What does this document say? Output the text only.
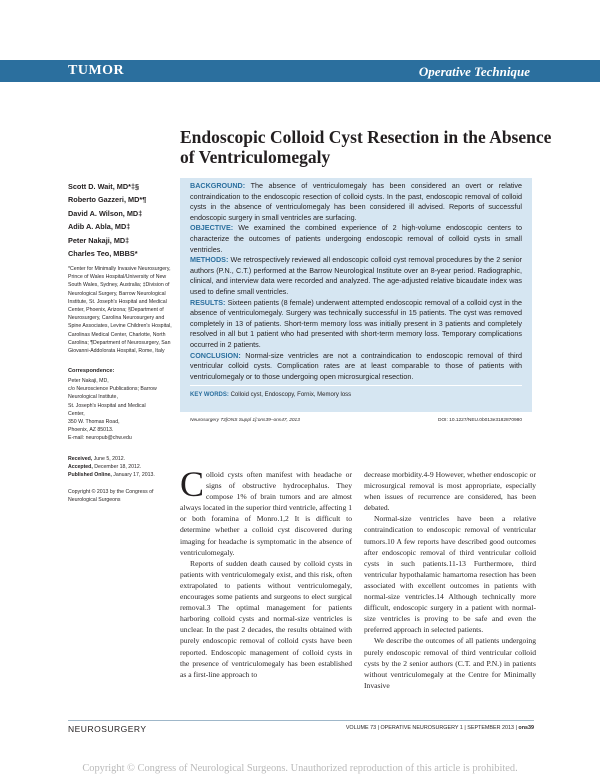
TUMOR	Operative Technique
Endoscopic Colloid Cyst Resection in the Absence of Ventriculomegaly
Scott D. Wait, MD*‡§
Roberto Gazzeri, MD*¶
David A. Wilson, MD‡
Adib A. Abla, MD‡
Peter Nakaji, MD‡
Charles Teo, MBBS*
*Center for Minimally Invasive Neurosurgery, Prince of Wales Hospital/University of New South Wales, Sydney, Australia; ‡Division of Neurological Surgery, Barrow Neurological Institute, St. Joseph's Hospital and Medical Center, Phoenix, Arizona; §Department of Neurosurgery, Carolina Neurosurgery and Spine Associates, Levine Children's Hospital, Carolinas Medical Center, Charlotte, North Carolina; ¶Department of Neurosurgery, San Giovanni-Addolorata Hospital, Rome, Italy
Correspondence:
Peter Nakaji, MD,
c/o Neuroscience Publications; Barrow
Neurological Institute,
St. Joseph's Hospital and Medical
Center,
350 W. Thomas Road,
Phoenix, AZ 85013.
E-mail: neuropub@chw.edu
Received, June 5, 2012.
Accepted, December 18, 2012.
Published Online, January 17, 2013.
Copyright © 2013 by the Congress of Neurological Surgeons

BACKGROUND: The absence of ventriculomegaly has been considered an overt or relative contraindication to the endoscopic resection of colloid cysts. In the past, endoscopic removal of colloid cysts in the absence of ventriculomegaly has been considered ill advised. Reports of successful endoscopic surgery in small ventricles are surfacing.

OBJECTIVE: We examined the combined experience of 2 high-volume endoscopic centers to characterize the outcomes of patients undergoing endoscopic removal of colloid cysts in small ventricles.

METHODS: We retrospectively reviewed all endoscopic colloid cyst removal procedures by the 2 senior authors (P.N., C.T.) performed at the Barrow Neurological Institute over an 8-year period. Radiographic, clinical, and interview data were recorded and analyzed. The age-adjusted relative bicaudate index was used to define small ventricles.

RESULTS: Sixteen patients (8 female) underwent attempted endoscopic removal of a colloid cyst in the absence of ventriculomegaly. Surgery was technically successful in 15 patients. The cyst was removed completely in 13 of patients. Short-term memory loss was initially present in 3 patients and completely resolved in all but 1 patient who had presented with short-term memory loss. Temporary complications occurred in 2 patients.

CONCLUSION: Normal-size ventricles are not a contraindication to endoscopic removal of third ventricular colloid cysts. Complication rates are at least comparable to those of patients with ventriculomegaly or to those undergoing open microsurgical resection.

KEY WORDS: Colloid cyst, Endoscopy, Fornix, Memory loss

Neurosurgery 73[ONS Suppl 1]:ons39–ons47, 2013	DOI: 10.1227/NEU.0b013e3182870980

Colloid cysts often manifest with headache or signs of obstructive hydrocephalus. They compose 1% of brain tumors and are almost always located in the superior third ventricle, affecting 1 or both foramina of Monro.1,2 It is difficult to determine whether a colloid cyst discovered during imaging for headache is symptomatic in the absence of ventriculomegaly.

Reports of sudden death caused by colloid cysts in patients with ventriculomegaly exist, and this risk, often extrapolated to patients without ventriculomegaly, encourages some patients and surgeons to elect surgical removal.3 The optimal management for patients harboring colloid cysts and normal-size ventricles is unclear. In the past 2 decades, the results obtained with purely endoscopic removal of colloid cysts have been reported. Endoscopic management of colloid cysts in the presence of ventriculomegaly has been established as a first-line approach to

decrease morbidity.4-9 However, whether endoscopic or microsurgical removal is most appropriate, especially when issues of recurrence are considered, has been debated.

Normal-size ventricles have been a relative contraindication to endoscopic removal of ventricular tumors.10 A few reports have described good outcomes after endoscopic removal of third ventricular colloid cysts in such patients.11-13 Furthermore, third ventricular hypothalamic hamartoma resection has been associated with excellent outcomes in patients with normal-size ventricles.14 Although technically more difficult, endoscopic surgery in a patient with normal-size ventricles is proving to be safe and even the preferred approach in selected patients.

We describe the outcomes of all patients undergoing purely endoscopic removal of third ventricular colloid cysts by the 2 senior authors (C.T. and P.N.) in patients without ventriculomegaly at the Centre for Minimally Invasive

NEUROSURGERY	VOLUME 73 | OPERATIVE NEUROSURGERY 1 | SEPTEMBER 2013 | ons39
Copyright © Congress of Neurological Surgeons. Unauthorized reproduction of this article is prohibited.
